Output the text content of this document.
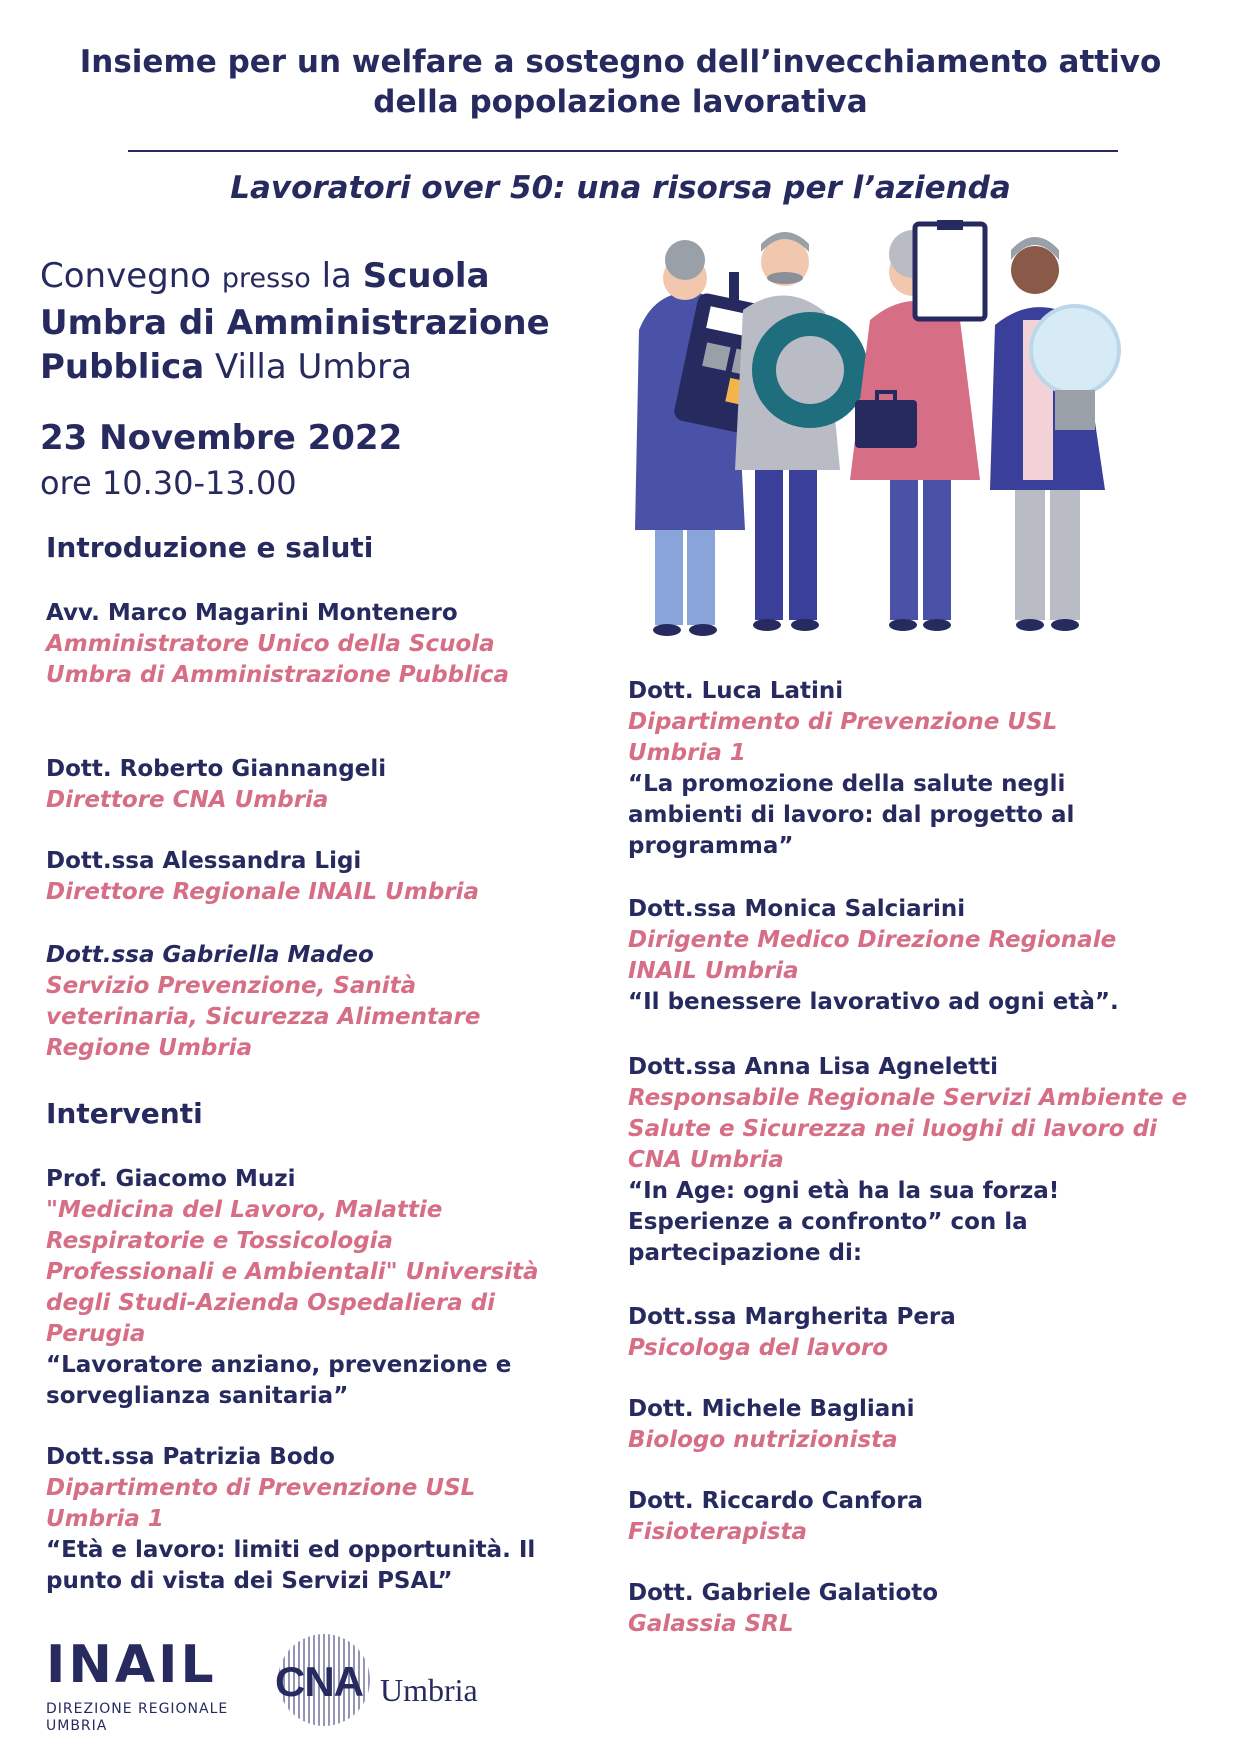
Insieme per un welfare a sostegno dell’invecchiamento attivo
della popolazione lavorativa
Lavoratori over 50: una risorsa per l’azienda
Convegno presso la Scuola Umbra di Amministrazione Pubblica Villa Umbra
23 Novembre 2022
ore 10.30-13.00
Introduzione e saluti
Avv. Marco Magarini Montenero
Amministratore Unico della Scuola Umbra di Amministrazione Pubblica
Dott. Roberto Giannangeli
Direttore CNA Umbria
Dott.ssa Alessandra Ligi
Direttore Regionale INAIL Umbria
Dott.ssa Gabriella Madeo
Servizio Prevenzione, Sanità veterinaria, Sicurezza Alimentare Regione Umbria
Interventi
Prof. Giacomo Muzi
"Medicina del Lavoro, Malattie Respiratorie e Tossicologia Professionali e Ambientali" Università degli Studi-Azienda Ospedaliera di Perugia
“Lavoratore anziano, prevenzione e sorveglianza sanitaria”
Dott.ssa Patrizia Bodo
Dipartimento di Prevenzione USL Umbria 1
“Età e lavoro: limiti ed opportunità. Il punto di vista dei Servizi PSAL”
Dott. Luca Latini
Dipartimento di Prevenzione USL Umbria 1
“La promozione della salute negli ambienti di lavoro: dal progetto al programma”
Dott.ssa Monica Salciarini
Dirigente Medico Direzione Regionale INAIL Umbria
“Il benessere lavorativo ad ogni età”.
Dott.ssa Anna Lisa Agneletti
Responsabile Regionale Servizi Ambiente e Salute e Sicurezza nei luoghi di lavoro di CNA Umbria
“In Age: ogni età ha la sua forza! Esperienze a confronto” con la partecipazione di:
Dott.ssa Margherita Pera
Psicologa del lavoro
Dott. Michele Bagliani
Biologo nutrizionista
Dott. Riccardo Canfora
Fisioterapista
Dott. Gabriele Galatioto
Galassia SRL
INAIL
DIREZIONE REGIONALE
UMBRIA
CNA Umbria
